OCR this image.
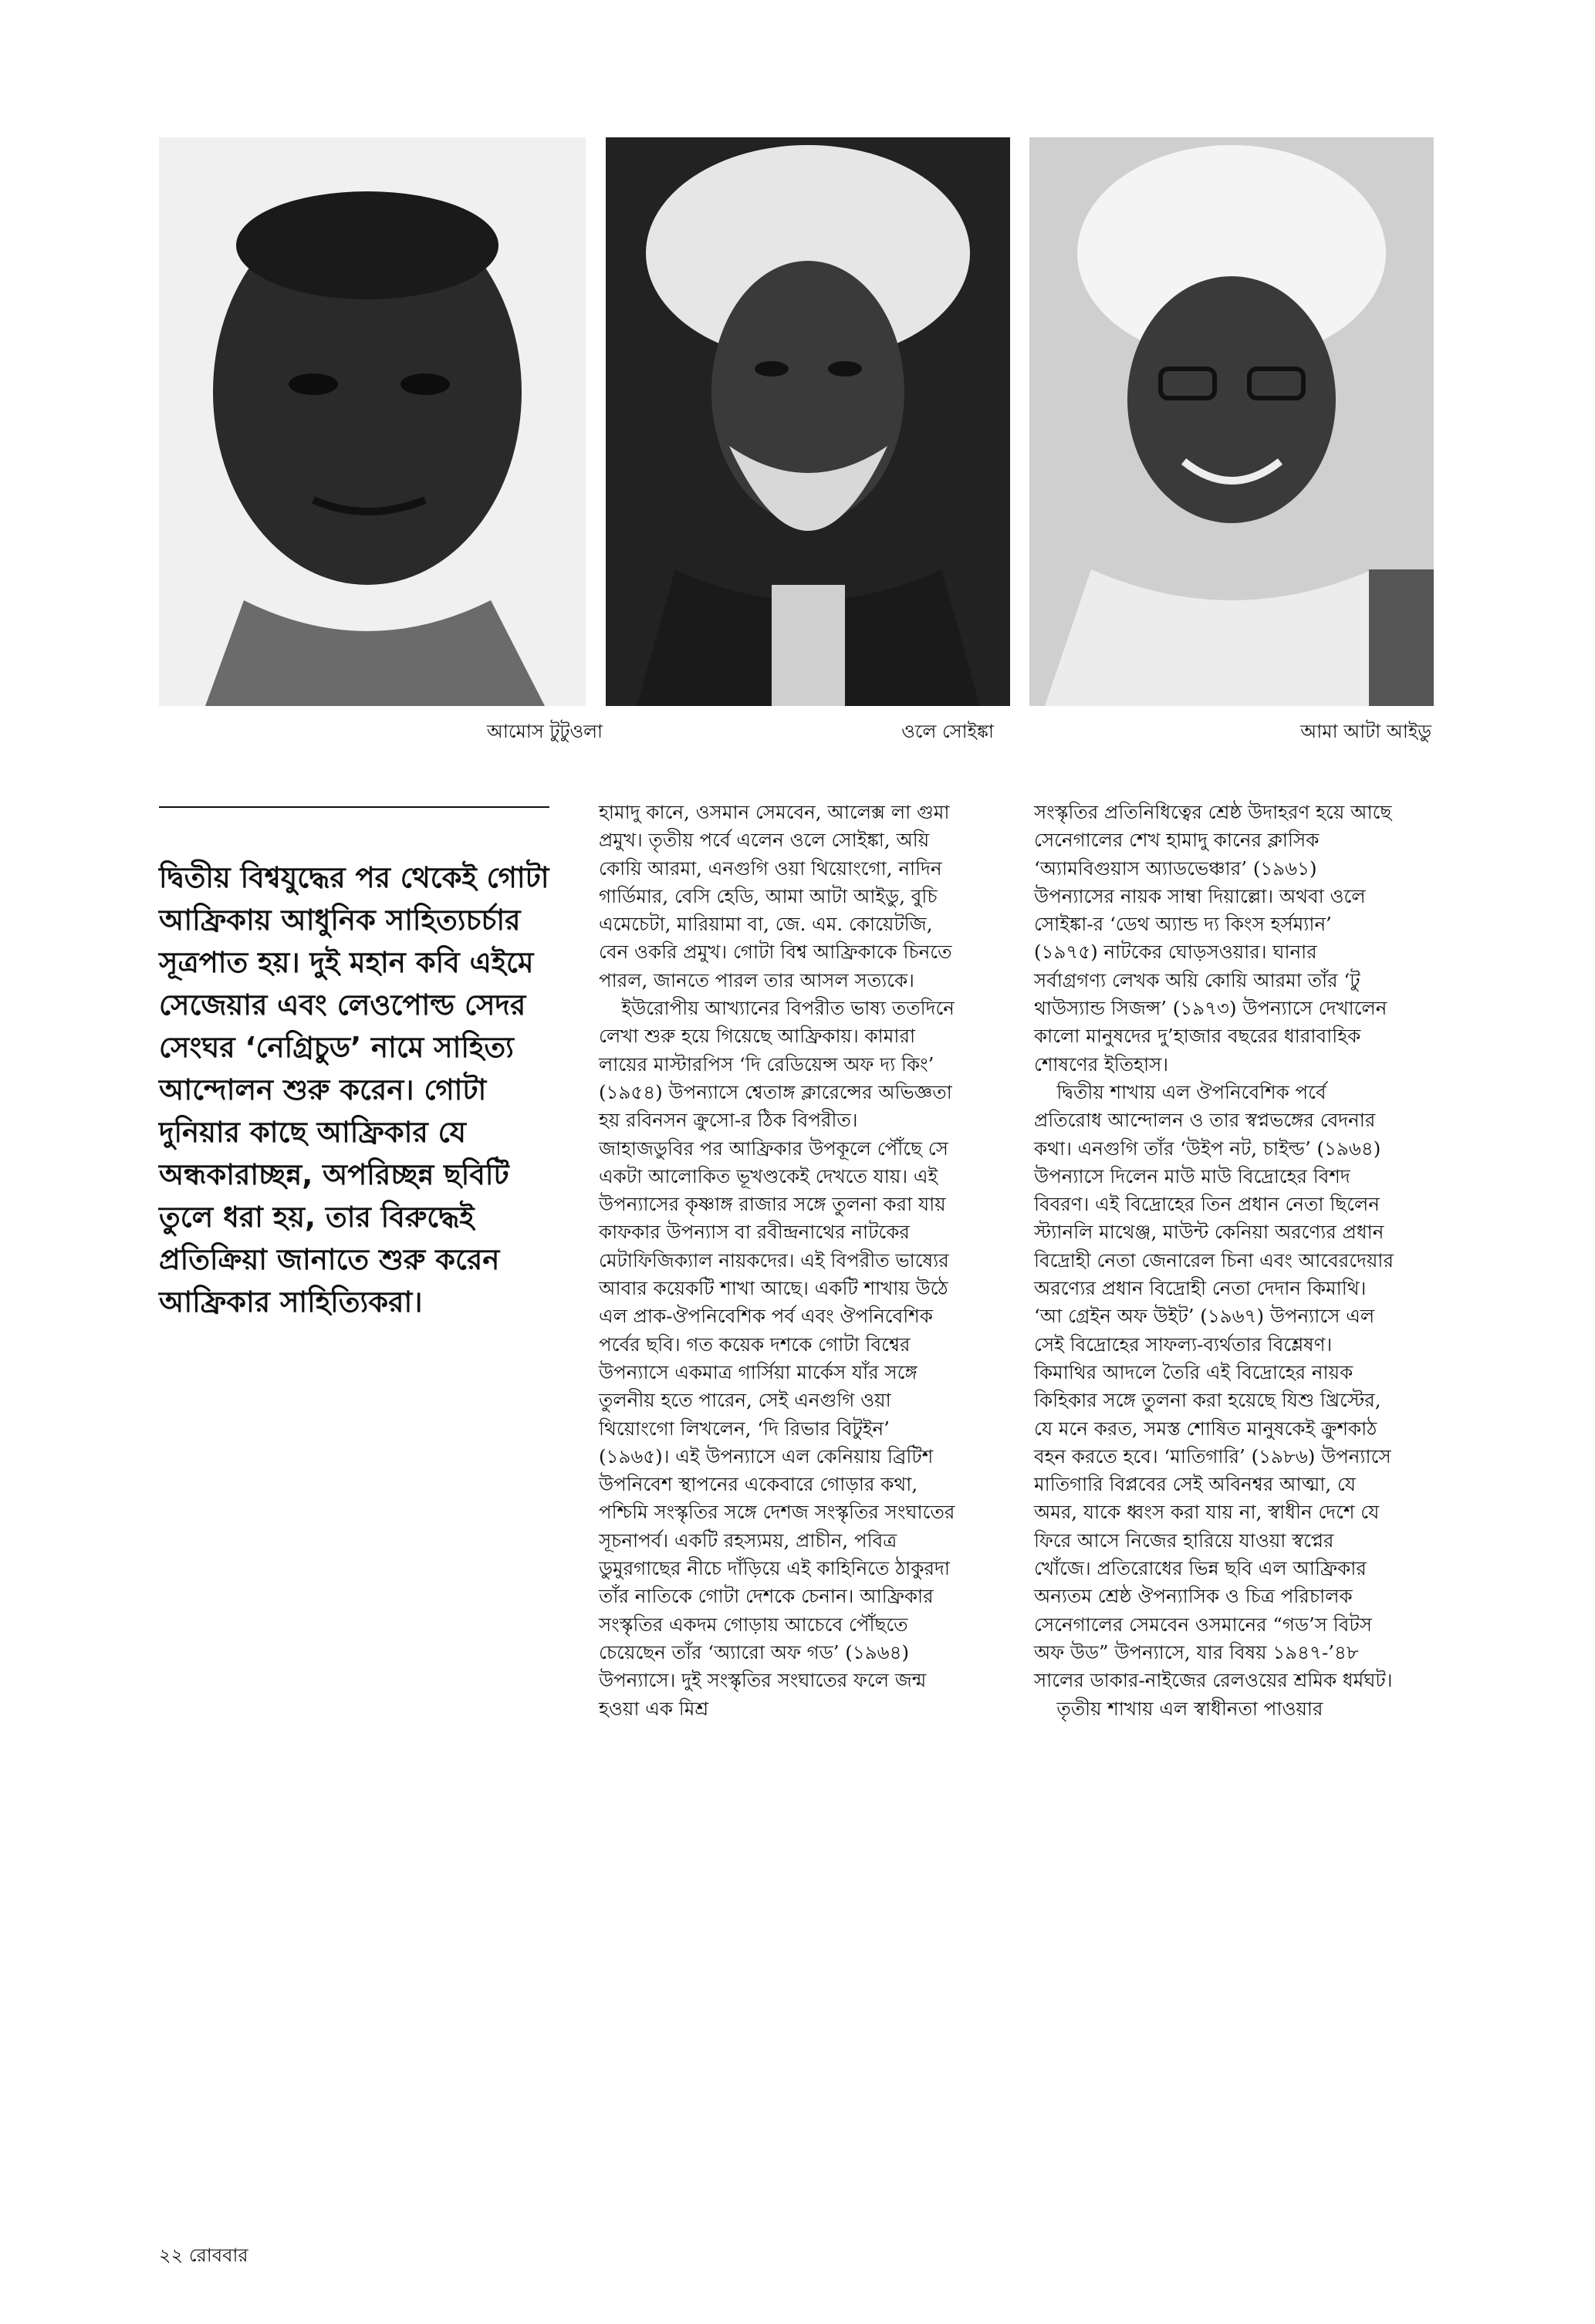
আমোস টুটুওলা	ওলে সোইঙ্কা	আমা আটা আইডু
দ্বিতীয় বিশ্বযুদ্ধের পর থেকেই গোটা আফ্রিকায় আধুনিক সাহিত্যচর্চার সূত্রপাত হয়। দুই মহান কবি এইমে সেজেয়ার এবং লেওপোল্ড সেদর সেংঘর ‘নেগ্রিচুড’ নামে সাহিত্য আন্দোলন শুরু করেন। গোটা দুনিয়ার কাছে আফ্রিকার যে অন্ধকারাচ্ছন্ন, অপরিচ্ছন্ন ছবিটি তুলে ধরা হয়, তার বিরুদ্ধেই প্রতিক্রিয়া জানাতে শুরু করেন আফ্রিকার সাহিত্যিকরা।

হামাদু কানে, ওসমান সেমবেন, আলেক্স লা গুমা প্রমুখ। তৃতীয় পর্বে এলেন ওলে সোইঙ্কা, অয়ি কোয়ি আরমা, এনগুগি ওয়া থিয়োংগো, নাদিন গার্ডিমার, বেসি হেডি, আমা আটা আইডু, বুচি এমেচেটা, মারিয়ামা বা, জে. এম. কোয়েটজি, বেন ওকরি প্রমুখ। গোটা বিশ্ব আফ্রিকাকে চিনতে পারল, জানতে পারল তার আসল সত্যকে।

ইউরোপীয় আখ্যানের বিপরীত ভাষ্য ততদিনে লেখা শুরু হয়ে গিয়েছে আফ্রিকায়। কামারা লায়ের মাস্টারপিস ‘দি রেডিয়েন্স অফ দ্য কিং’ (১৯৫৪) উপন্যাসে শ্বেতাঙ্গ ক্লারেন্সের অভিজ্ঞতা হয় রবিনসন ক্রুসো-র ঠিক বিপরীত। জাহাজডুবির পর আফ্রিকার উপকূলে পৌঁছে সে একটা আলোকিত ভূখণ্ডকেই দেখতে যায়। এই উপন্যাসের কৃষ্ণাঙ্গ রাজার সঙ্গে তুলনা করা যায় কাফকার উপন্যাস বা রবীন্দ্রনাথের নাটকের মেটাফিজিক্যাল নায়কদের। এই বিপরীত ভাষ্যের আবার কয়েকটি শাখা আছে। একটি শাখায় উঠে এল প্রাক-ঔপনিবেশিক পর্ব এবং ঔপনিবেশিক পর্বের ছবি। গত কয়েক দশকে গোটা বিশ্বের উপন্যাসে একমাত্র গার্সিয়া মার্কেস যাঁর সঙ্গে তুলনীয় হতে পারেন, সেই এনগুগি ওয়া থিয়োংগো লিখলেন, ‘দি রিভার বিটুইন’ (১৯৬৫)। এই উপন্যাসে এল কেনিয়ায় ব্রিটিশ উপনিবেশ স্থাপনের একেবারে গোড়ার কথা, পশ্চিমি সংস্কৃতির সঙ্গে দেশজ সংস্কৃতির সংঘাতের সূচনাপর্ব। একটি রহস্যময়, প্রাচীন, পবিত্র ডুমুরগাছের নীচে দাঁড়িয়ে এই কাহিনিতে ঠাকুরদা তাঁর নাতিকে গোটা দেশকে চেনান। আফ্রিকার সংস্কৃতির একদম গোড়ায় আচেবে পৌঁছতে চেয়েছেন তাঁর ‘অ্যারো অফ গড’ (১৯৬৪) উপন্যাসে। দুই সংস্কৃতির সংঘাতের ফলে জন্ম হওয়া এক মিশ্র

সংস্কৃতির প্রতিনিধিত্বের শ্রেষ্ঠ উদাহরণ হয়ে আছে সেনেগালের শেখ হামাদু কানের ক্লাসিক ‘অ্যামবিগুয়াস অ্যাডভেঞ্চার’ (১৯৬১) উপন্যাসের নায়ক সাম্বা দিয়াল্লো। অথবা ওলে সোইঙ্কা-র ‘ডেথ অ্যান্ড দ্য কিংস হর্সম্যান’ (১৯৭৫) নাটকের ঘোড়সওয়ার। ঘানার সর্বাগ্রগণ্য লেখক অয়ি কোয়ি আরমা তাঁর ‘টু থাউস্যান্ড সিজন্স’ (১৯৭৩) উপন্যাসে দেখালেন কালো মানুষদের দু’হাজার বছরের ধারাবাহিক শোষণের ইতিহাস।

দ্বিতীয় শাখায় এল ঔপনিবেশিক পর্বে প্রতিরোধ আন্দোলন ও তার স্বপ্নভঙ্গের বেদনার কথা। এনগুগি তাঁর ‘উইপ নট, চাইল্ড’ (১৯৬৪) উপন্যাসে দিলেন মাউ মাউ বিদ্রোহের বিশদ বিবরণ। এই বিদ্রোহের তিন প্রধান নেতা ছিলেন স্ট্যানলি মাথেঞ্জ, মাউন্ট কেনিয়া অরণ্যের প্রধান বিদ্রোহী নেতা জেনারেল চিনা এবং আবেরদেয়ার অরণ্যের প্রধান বিদ্রোহী নেতা দেদান কিমাথি। ‘আ গ্রেইন অফ উইট’ (১৯৬৭) উপন্যাসে এল সেই বিদ্রোহের সাফল্য-ব্যর্থতার বিশ্লেষণ। কিমাথির আদলে তৈরি এই বিদ্রোহের নায়ক কিহিকার সঙ্গে তুলনা করা হয়েছে যিশু খ্রিস্টের, যে মনে করত, সমস্ত শোষিত মানুষকেই ক্রুশকাঠ বহন করতে হবে। ‘মাতিগারি’ (১৯৮৬) উপন্যাসে মাতিগারি বিপ্লবের সেই অবিনশ্বর আত্মা, যে অমর, যাকে ধ্বংস করা যায় না, স্বাধীন দেশে যে ফিরে আসে নিজের হারিয়ে যাওয়া স্বপ্নের খোঁজে। প্রতিরোধের ভিন্ন ছবি এল আফ্রিকার অন্যতম শ্রেষ্ঠ ঔপন্যাসিক ও চিত্র পরিচালক সেনেগালের সেমবেন ওসমানের “গড’স বিটস অফ উড” উপন্যাসে, যার বিষয় ১৯৪৭-’৪৮ সালের ডাকার-নাইজের রেলওয়ের শ্রমিক ধর্মঘট।

তৃতীয় শাখায় এল স্বাধীনতা পাওয়ার

২২ রোববার
